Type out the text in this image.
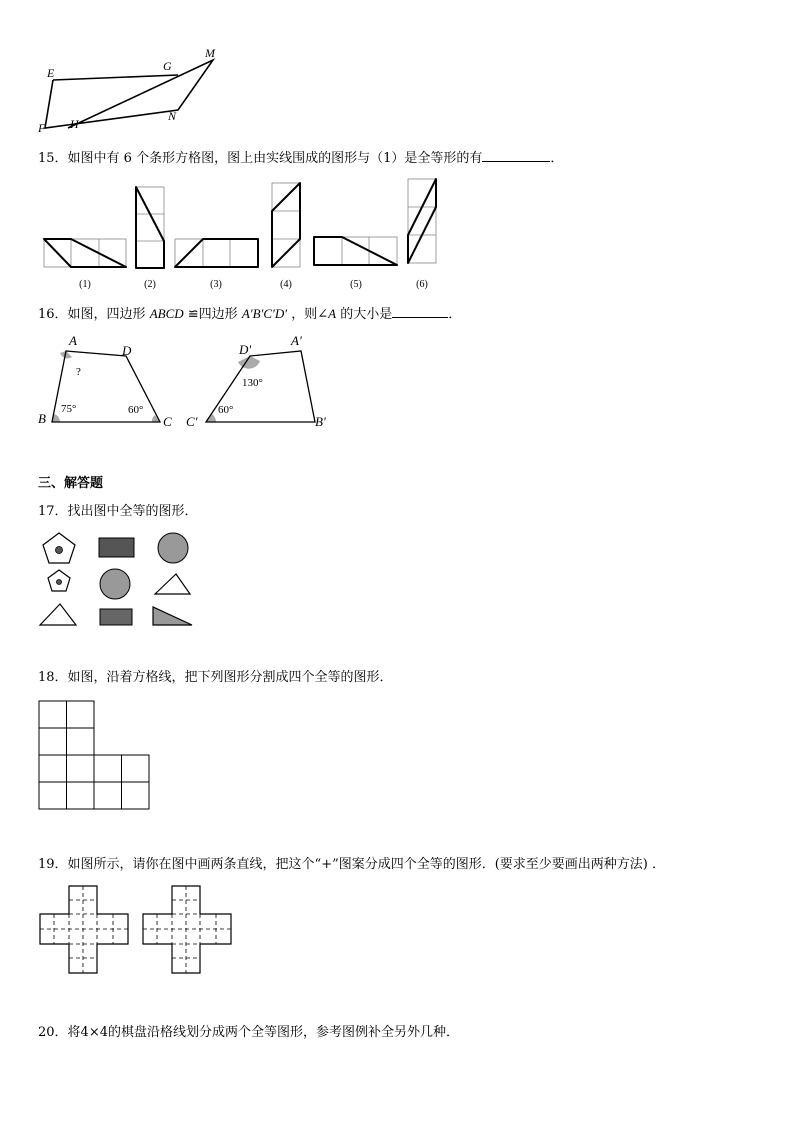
E	G
M
F H
N
15．如图中有 6 个条形方格图，图上由实线围成的图形与（1）是全等形的有	．
(1)	(2)	(3)	(4)	(5)	(6)
16．如图，四边形 ABCD ≌四边形 A′B′C′D′ ，则∠A 的大小是	．
A
D
B	C
?
75°	60°
D′
A′
C′	B′
130°
60°
三、解答题
17．找出图中全等的图形．
18．如图，沿着方格线，把下列图形分割成四个全等的图形．
19．如图所示，请你在图中画两条直线，把这个“+”图案分成四个全等的图形．(要求至少要画出两种方法) ．
20．将4×4的棋盘沿格线划分成两个全等图形，参考图例补全另外几种．
